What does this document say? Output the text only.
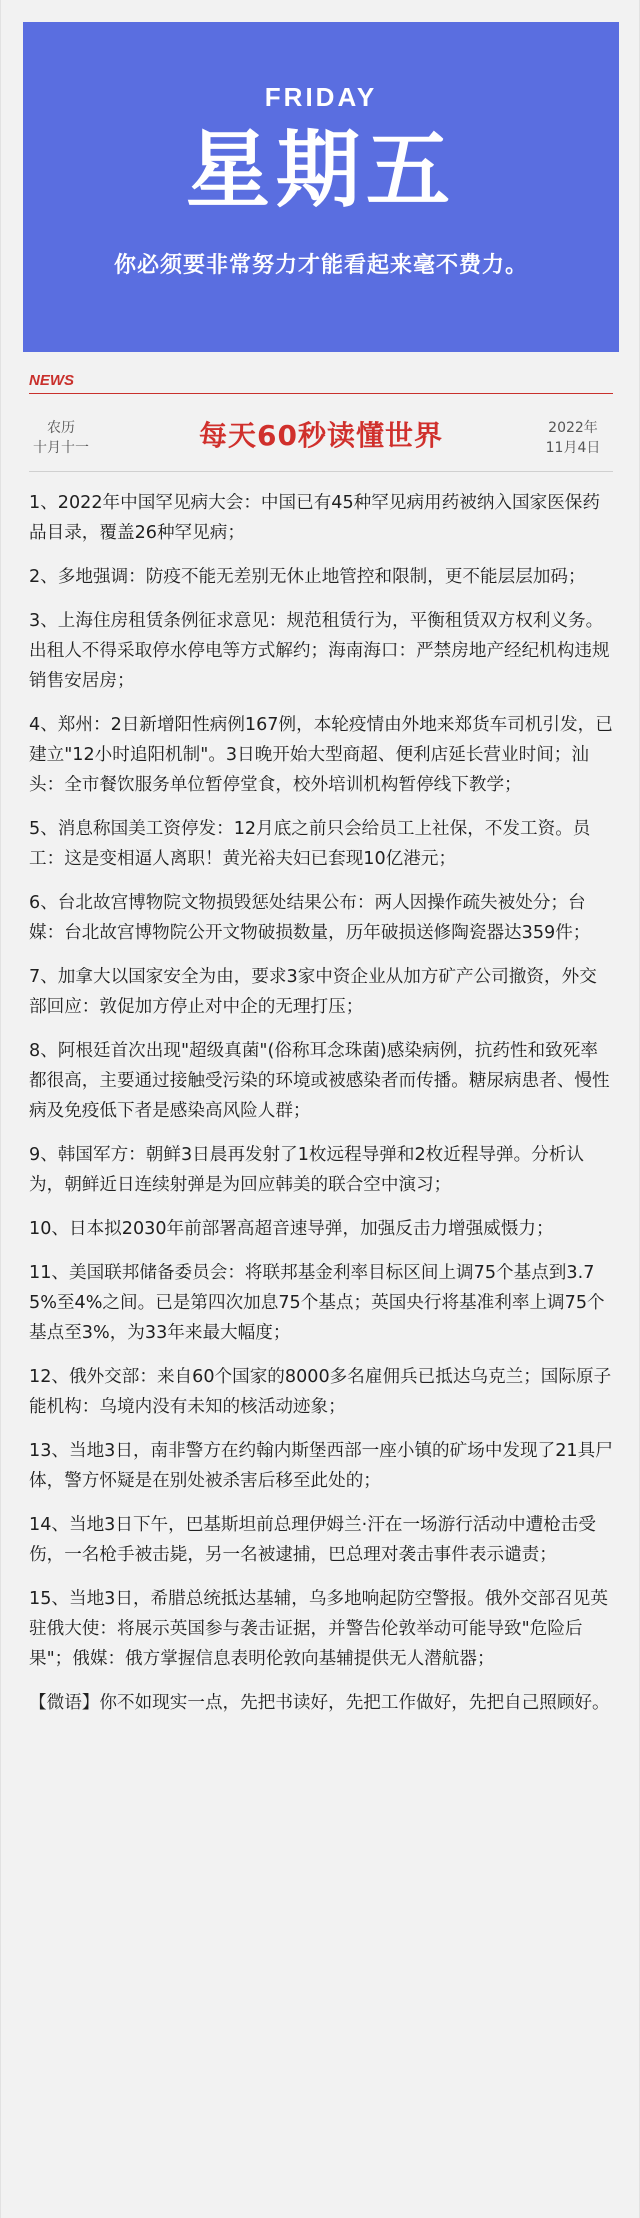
FRIDAY
星期五
你必须要非常努力才能看起来毫不费力。
NEWS
农历
十月十一	每天60秒读懂世界	2022年
11月4日

1、2022年中国罕见病大会：中国已有45种罕见病用药被纳入国家医保药品目录，覆盖26种罕见病；

2、多地强调：防疫不能无差别无休止地管控和限制，更不能层层加码；

3、上海住房租赁条例征求意见：规范租赁行为，平衡租赁双方权利义务。出租人不得采取停水停电等方式解约；海南海口：严禁房地产经纪机构违规销售安居房；

4、郑州：2日新增阳性病例167例，本轮疫情由外地来郑货车司机引发，已建立"12小时追阳机制"。3日晚开始大型商超、便利店延长营业时间；汕头：全市餐饮服务单位暂停堂食，校外培训机构暂停线下教学；

5、消息称国美工资停发：12月底之前只会给员工上社保，不发工资。员工：这是变相逼人离职！黄光裕夫妇已套现10亿港元；

6、台北故宫博物院文物损毁惩处结果公布：两人因操作疏失被处分；台媒：台北故宫博物院公开文物破损数量，历年破损送修陶瓷器达359件；

7、加拿大以国家安全为由，要求3家中资企业从加方矿产公司撤资，外交部回应：敦促加方停止对中企的无理打压；

8、阿根廷首次出现"超级真菌"(俗称耳念珠菌)感染病例，抗药性和致死率都很高，主要通过接触受污染的环境或被感染者而传播。糖尿病患者、慢性病及免疫低下者是感染高风险人群；

9、韩国军方：朝鲜3日晨再发射了1枚远程导弹和2枚近程导弹。分析认为，朝鲜近日连续射弹是为回应韩美的联合空中演习；

10、日本拟2030年前部署高超音速导弹，加强反击力增强威慑力；

11、美国联邦储备委员会：将联邦基金利率目标区间上调75个基点到3.75%至4%之间。已是第四次加息75个基点；英国央行将基准利率上调75个基点至3%，为33年来最大幅度；

12、俄外交部：来自60个国家的8000多名雇佣兵已抵达乌克兰；国际原子能机构：乌境内没有未知的核活动迹象；

13、当地3日，南非警方在约翰内斯堡西部一座小镇的矿场中发现了21具尸体，警方怀疑是在别处被杀害后移至此处的；

14、当地3日下午，巴基斯坦前总理伊姆兰·汗在一场游行活动中遭枪击受伤，一名枪手被击毙，另一名被逮捕，巴总理对袭击事件表示谴责；

15、当地3日，希腊总统抵达基辅，乌多地响起防空警报。俄外交部召见英驻俄大使：将展示英国参与袭击证据，并警告伦敦举动可能导致"危险后果"；俄媒：俄方掌握信息表明伦敦向基辅提供无人潜航器；

【微语】你不如现实一点，先把书读好，先把工作做好，先把自己照顾好。
